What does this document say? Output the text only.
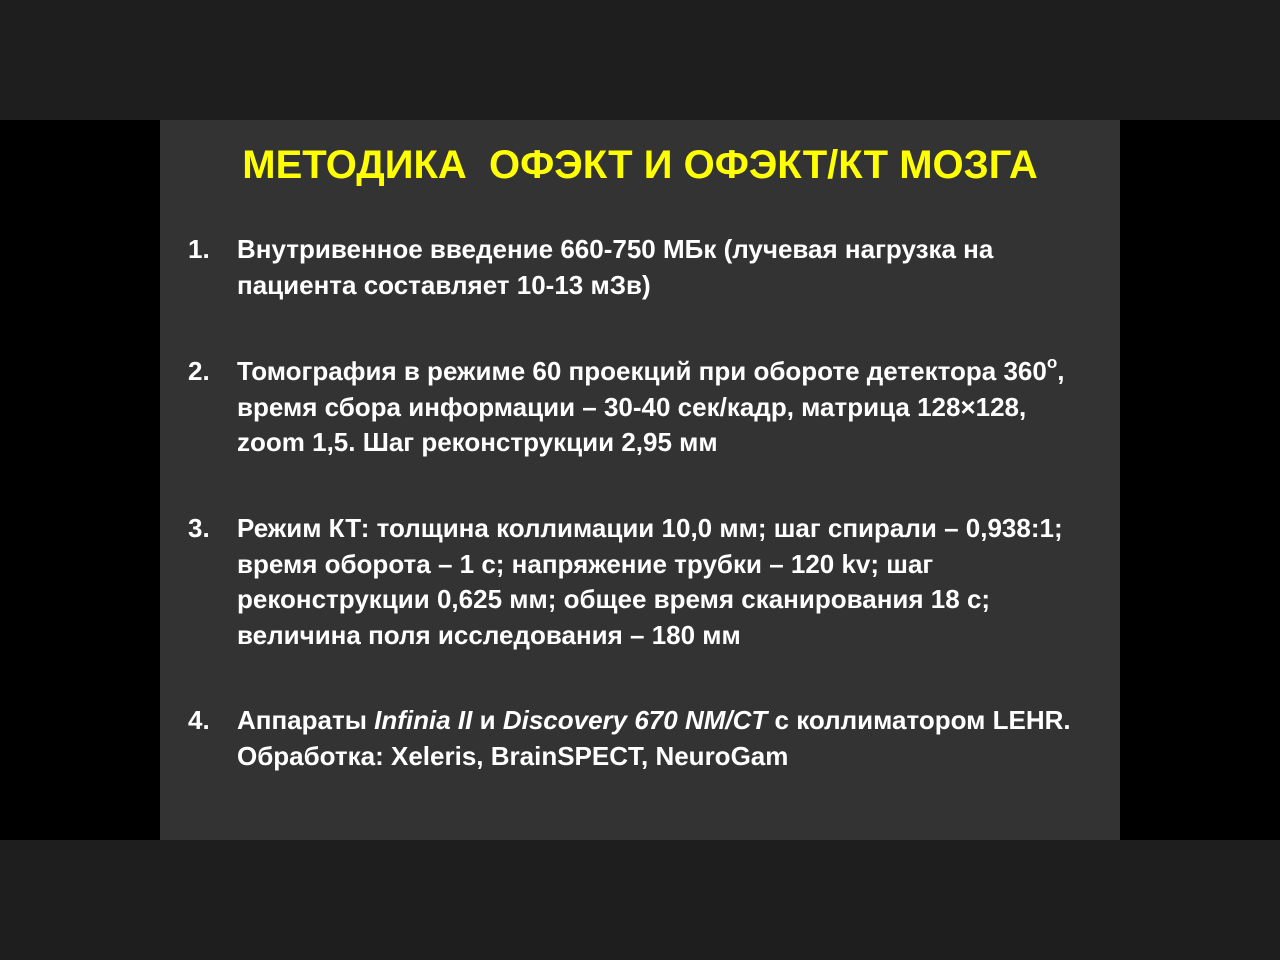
МЕТОДИКА  ОФЭКТ И ОФЭКТ/КТ МОЗГА
1.	Внутривенное введение 660-750 МБк (лучевая нагрузка на пациента составляет 10-13 мЗв)
2.	Томография в режиме 60 проекций при обороте детектора $360^о$, время сбора информации – 30-40 сек/кадр, матрица 128×128, zoom 1,5. Шаг реконструкции 2,95 мм
3.	Режим КТ: толщина коллимации 10,0 мм; шаг спирали – 0,938:1; время оборота – 1 с; напряжение трубки – 120 kv; шаг реконструкции 0,625 мм; общее время сканирования 18 с; величина поля исследования – 180 мм
4.	Аппараты Infinia II и Discovery 670 NM/CT с коллиматором LEHR. Обработка: Xeleris, BrainSPECT, NeuroGam
